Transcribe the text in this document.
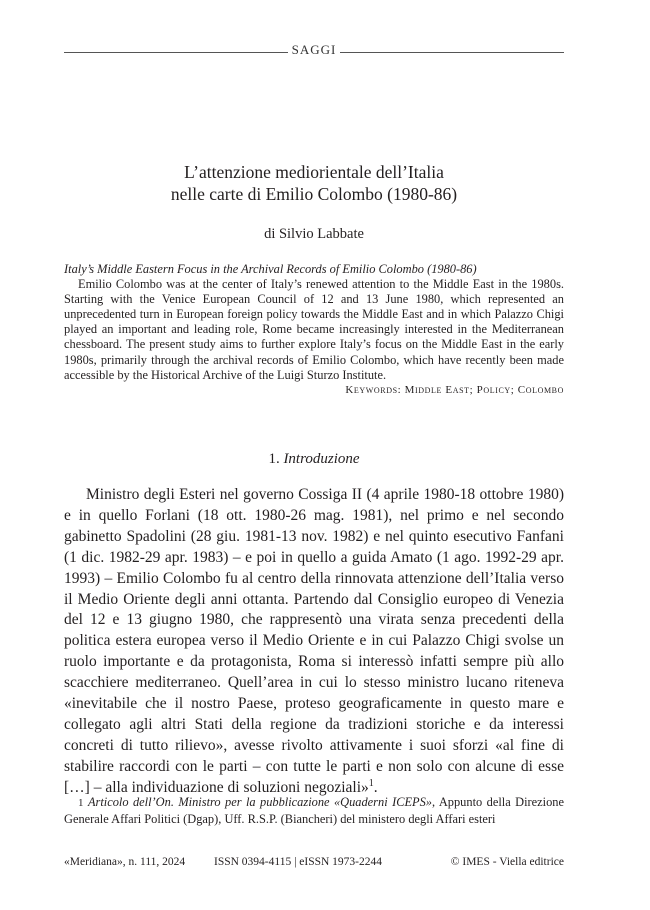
SAGGI
L’attenzione mediorientale dell’Italia
nelle carte di Emilio Colombo (1980-86)
di Silvio Labbate
Italy’s Middle Eastern Focus in the Archival Records of Emilio Colombo (1980-86)

Emilio Colombo was at the center of Italy’s renewed attention to the Middle East in the 1980s. Starting with the Venice European Council of 12 and 13 June 1980, which represented an unprecedented turn in European foreign policy towards the Middle East and in which Palazzo Chigi played an important and leading role, Rome became increasingly interested in the Mediterranean chessboard. The present study aims to further explore Italy’s focus on the Middle East in the early 1980s, primarily through the archival records of Emilio Colombo, which have recently been made accessible by the Historical Archive of the Luigi Sturzo Institute.

Keywords: Middle East; Policy; Colombo
1. Introduzione

Ministro degli Esteri nel governo Cossiga II (4 aprile 1980-18 ottobre 1980) e in quello Forlani (18 ott. 1980-26 mag. 1981), nel primo e nel secondo gabinetto Spadolini (28 giu. 1981-13 nov. 1982) e nel quinto esecutivo Fanfani (1 dic. 1982-29 apr. 1983) – e poi in quello a guida Amato (1 ago. 1992-29 apr. 1993) – Emilio Colombo fu al centro della rinnovata attenzione dell’Italia verso il Medio Oriente degli anni ottanta. Partendo dal Consiglio europeo di Venezia del 12 e 13 giugno 1980, che rappresentò una virata senza precedenti della politica estera europea verso il Medio Oriente e in cui Palazzo Chigi svolse un ruolo importante e da protagonista, Roma si interessò infatti sempre più allo scacchiere mediterraneo. Quell’area in cui lo stesso ministro lucano riteneva «inevitabile che il nostro Paese, proteso geograficamente in questo mare e collegato agli altri Stati della regione da tradizioni storiche e da interessi concreti di tutto rilievo», avesse rivolto attivamente i suoi sforzi «al fine di stabilire raccordi con le parti – con tutte le parti e non solo con alcune di esse […] – alla individuazione di soluzioni negoziali»$^1$.

1 Articolo dell’On. Ministro per la pubblicazione «Quaderni ICEPS», Appunto della Direzione Generale Affari Politici (Dgap), Uff. R.S.P. (Biancheri) del ministero degli Affari esteri

«Meridiana», n. 111, 2024	ISSN 0394-4115 | eISSN 1973-2244	© IMES - Viella editrice
